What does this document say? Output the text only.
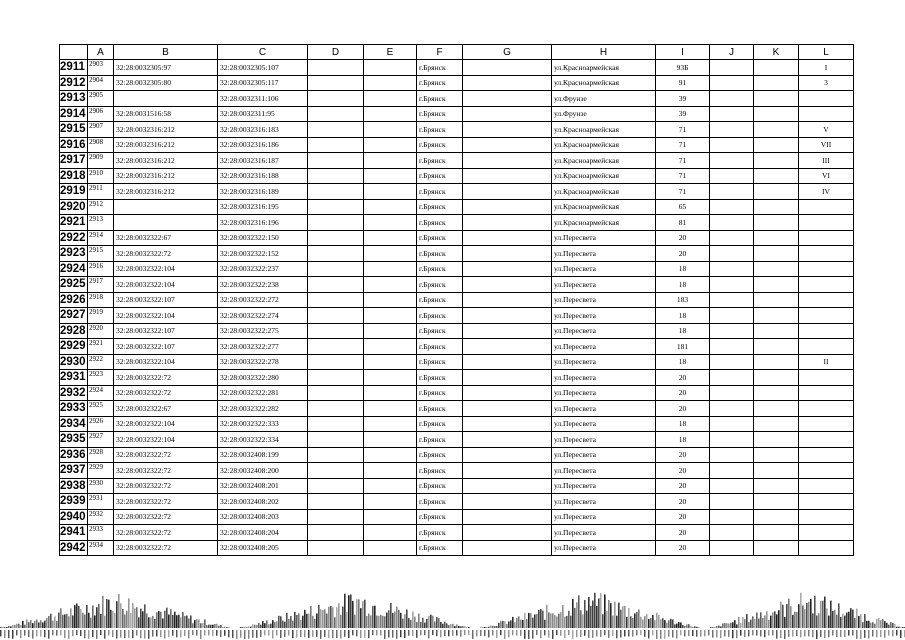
	A	B	C	D	E	F	G	H	I	J	K	L
2911	2903	32:28:0032305:97	32:28:0032305:107			г.Брянск		ул.Красноармейская	93Б			I
2912	2904	32:28:0032305:80	32:28:0032305:117			г.Брянск		ул.Красноармейская	91			3
2913	2905		32:28:0032311:106			г.Брянск		ул.Фрунзе	39			
2914	2906	32:28:0031516:58	32:28:0032311:95			г.Брянск		ул.Фрунзе	39			
2915	2907	32:28:0032316:212	32:28:0032316:183			г.Брянск		ул.Красноармейская	71			V
2916	2908	32:28:0032316:212	32:28:0032316:186			г.Брянск		ул.Красноармейская	71			VII
2917	2909	32:28:0032316:212	32:28:0032316:187			г.Брянск		ул.Красноармейская	71			III
2918	2910	32:28:0032316:212	32:28:0032316:188			г.Брянск		ул.Красноармейская	71			VI
2919	2911	32:28:0032316:212	32:28:0032316:189			г.Брянск		ул.Красноармейская	71			IV
2920	2912		32:28:0032316:195			г.Брянск		ул.Красноармейская	65			
2921	2913		32:28:0032316:196			г.Брянск		ул.Красноармейская	81			
2922	2914	32:28:0032322:67	32:28:0032322:150			г.Брянск		ул.Пересвета	20			
2923	2915	32:28:0032322:72	32:28:0032322:152			г.Брянск		ул.Пересвета	20			
2924	2916	32:28:0032322:104	32:28:0032322:237			г.Брянск		ул.Пересвета	18			
2925	2917	32:28:0032322:104	32:28:0032322:238			г.Брянск		ул.Пересвета	18			
2926	2918	32:28:0032322:107	32:28:0032322:272			г.Брянск		ул.Пересвета	183			
2927	2919	32:28:0032322:104	32:28:0032322:274			г.Брянск		ул.Пересвета	18			
2928	2920	32:28:0032322:107	32:28:0032322:275			г.Брянск		ул.Пересвета	18			
2929	2921	32:28:0032322:107	32:28:0032322:277			г.Брянск		ул.Пересвета	181			
2930	2922	32:28:0032322:104	32:28:0032322:278			г.Брянск		ул.Пересвета	18			II
2931	2923	32:28:0032322:72	32:28:0032322:280			г.Брянск		ул.Пересвета	20			
2932	2924	32:28:0032322:72	32:28:0032322:281			г.Брянск		ул.Пересвета	20			
2933	2925	32:28:0032322:67	32:28:0032322:282			г.Брянск		ул.Пересвета	20			
2934	2926	32:28:0032322:104	32:28:0032322:333			г.Брянск		ул.Пересвета	18			
2935	2927	32:28:0032322:104	32:28:0032322:334			г.Брянск		ул.Пересвета	18			
2936	2928	32:28:0032322:72	32:28:0032408:199			г.Брянск		ул.Пересвета	20			
2937	2929	32:28:0032322:72	32:28:0032408:200			г.Брянск		ул.Пересвета	20			
2938	2930	32:28:0032322:72	32:28:0032408:201			г.Брянск		ул.Пересвета	20			
2939	2931	32:28:0032322:72	32:28:0032408:202			г.Брянск		ул.Пересвета	20			
2940	2932	32:28:0032322:72	32:28:0032408:203			г.Брянск		ул.Пересвета	20			
2941	2933	32:28:0032322:72	32:28:0032408:204			г.Брянск		ул.Пересвета	20			
2942	2934	32:28:0032322:72	32:28:0032408:205			г.Брянск		ул.Пересвета	20			
